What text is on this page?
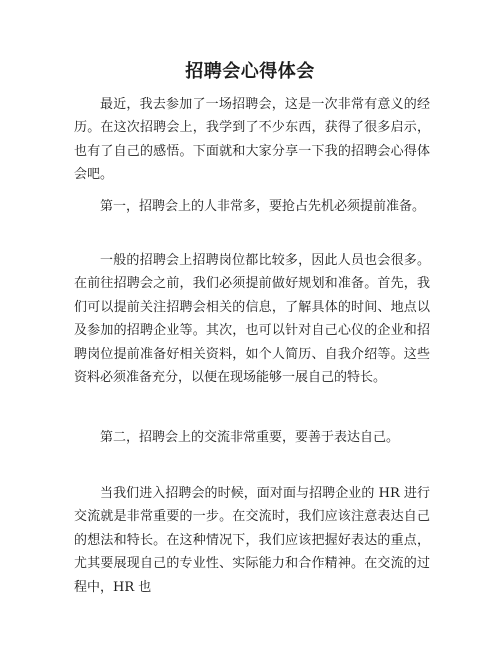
招聘会心得体会

最近，我去参加了一场招聘会，这是一次非常有意义的经历。在这次招聘会上，我学到了不少东西，获得了很多启示，也有了自己的感悟。下面就和大家分享一下我的招聘会心得体会吧。

第一，招聘会上的人非常多，要抢占先机必须提前准备。

一般的招聘会上招聘岗位都比较多，因此人员也会很多。在前往招聘会之前，我们必须提前做好规划和准备。首先，我们可以提前关注招聘会相关的信息，了解具体的时间、地点以及参加的招聘企业等。其次，也可以针对自己心仪的企业和招聘岗位提前准备好相关资料，如个人简历、自我介绍等。这些资料必须准备充分，以便在现场能够一展自己的特长。

第二，招聘会上的交流非常重要，要善于表达自己。

当我们进入招聘会的时候，面对面与招聘企业的 HR 进行交流就是非常重要的一步。在交流时，我们应该注意表达自己的想法和特长。在这种情况下，我们应该把握好表达的重点，尤其要展现自己的专业性、实际能力和合作精神。在交流的过程中，HR 也
